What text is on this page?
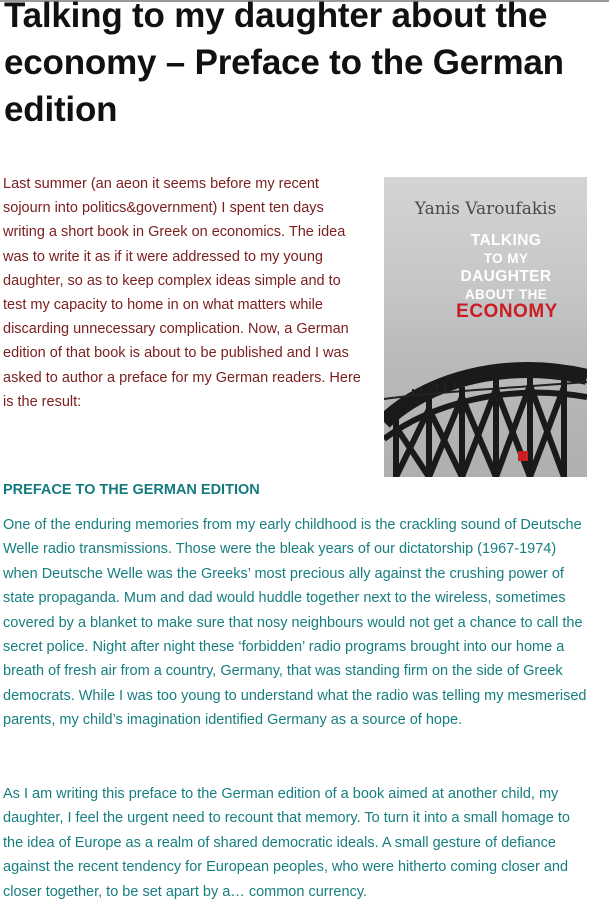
Talking to my daughter about the economy – Preface to the German edition

Last summer (an aeon it seems before my recent sojourn into politics&government) I spent ten days writing a short book in Greek on economics. The idea was to write it as if it were addressed to my young daughter, so as to keep complex ideas simple and to test my capacity to home in on what matters while discarding unnecessary complication. Now, a German edition of that book is about to be published and I was asked to author a preface for my German readers. Here is the result:

Yanis Varoufakis
TALKING
TO MY
DAUGHTER
ABOUT THE
ECONOMY
PREFACE TO THE GERMAN EDITION

One of the enduring memories from my early childhood is the crackling sound of Deutsche Welle radio transmissions. Those were the bleak years of our dictatorship (1967-1974) when Deutsche Welle was the Greeks’ most precious ally against the crushing power of state propaganda. Mum and dad would huddle together next to the wireless, sometimes covered by a blanket to make sure that nosy neighbours would not get a chance to call the secret police. Night after night these ‘forbidden’ radio programs brought into our home a breath of fresh air from a country, Germany, that was standing firm on the side of Greek democrats. While I was too young to understand what the radio was telling my mesmerised parents, my child’s imagination identified Germany as a source of hope.

As I am writing this preface to the German edition of a book aimed at another child, my daughter, I feel the urgent need to recount that memory. To turn it into a small homage to the idea of Europe as a realm of shared democratic ideals. A small gesture of defiance against the recent tendency for European peoples, who were hitherto coming closer and closer together, to be set apart by a… common currency.
